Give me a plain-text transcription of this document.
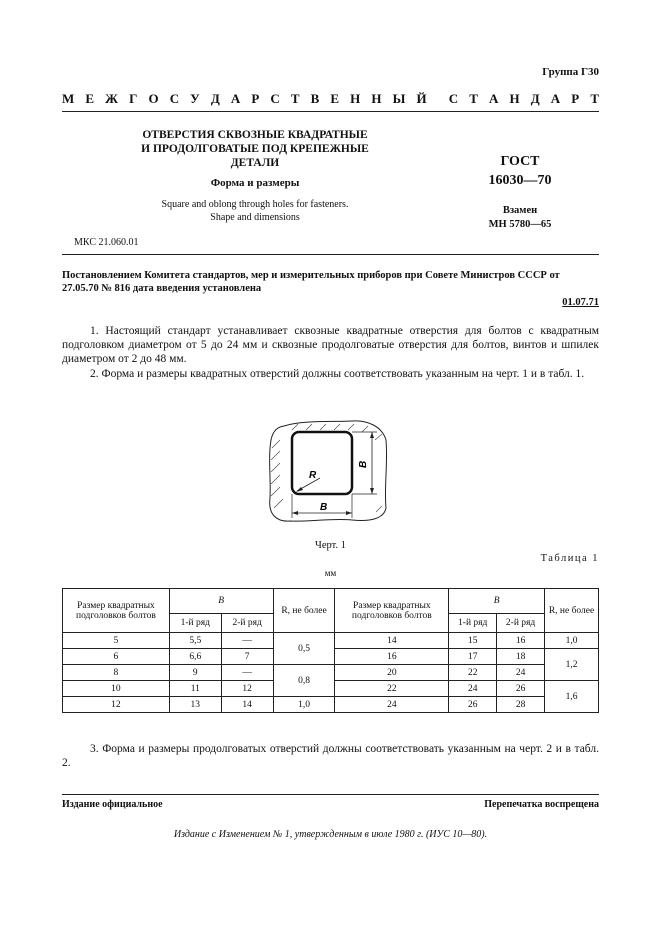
Группа Г30
М Е Ж Г О С У Д А Р С Т В Е Н Н Ы Й С Т А Н Д А Р Т
ОТВЕРСТИЯ СКВОЗНЫЕ КВАДРАТНЫЕ
И ПРОДОЛГОВАТЫЕ ПОД КРЕПЕЖНЫЕ
ДЕТАЛИ
Форма и размеры
Square and oblong through holes for fasteners.
Shape and dimensions
ГОСТ
16030—70
Взамен
МН 5780—65
МКС 21.060.01
Постановлением Комитета стандартов, мер и измерительных приборов при Совете Министров СССР от 27.05.70 № 816 дата введения установлена
01.07.71

1. Настоящий стандарт устанавливает сквозные квадратные отверстия для болтов с квадратным подголовком диаметром от 5 до 24 мм и сквозные продолговатые отверстия для болтов, винтов и шпилек диаметром от 2 до 48 мм.

2. Форма и размеры квадратных отверстий должны соответствовать указанным на черт. 1 и в табл. 1.

B
B
R
Черт. 1
Таблица 1
мм
Размер квадратных подголовков болтов	B		R, не более	Размер квадратных подголовков болтов	B		R, не более
	1-й ряд	2-й ряд			1-й ряд	2-й ряд	
5	5,5	—	0,5	14	15	16	1,0
6	6,6	7		16	17	18	1,2
8	9	—	0,8	20	22	24	
10	11	12		22	24	26	1,6
12	13	14	1,0	24	26	28	

3. Форма и размеры продолговатых отверстий должны соответствовать указанным на черт. 2 и в табл. 2.

Издание официальное	Перепечатка воспрещена
Издание с Изменением № 1, утвержденным в июле 1980 г. (ИУС 10—80).
